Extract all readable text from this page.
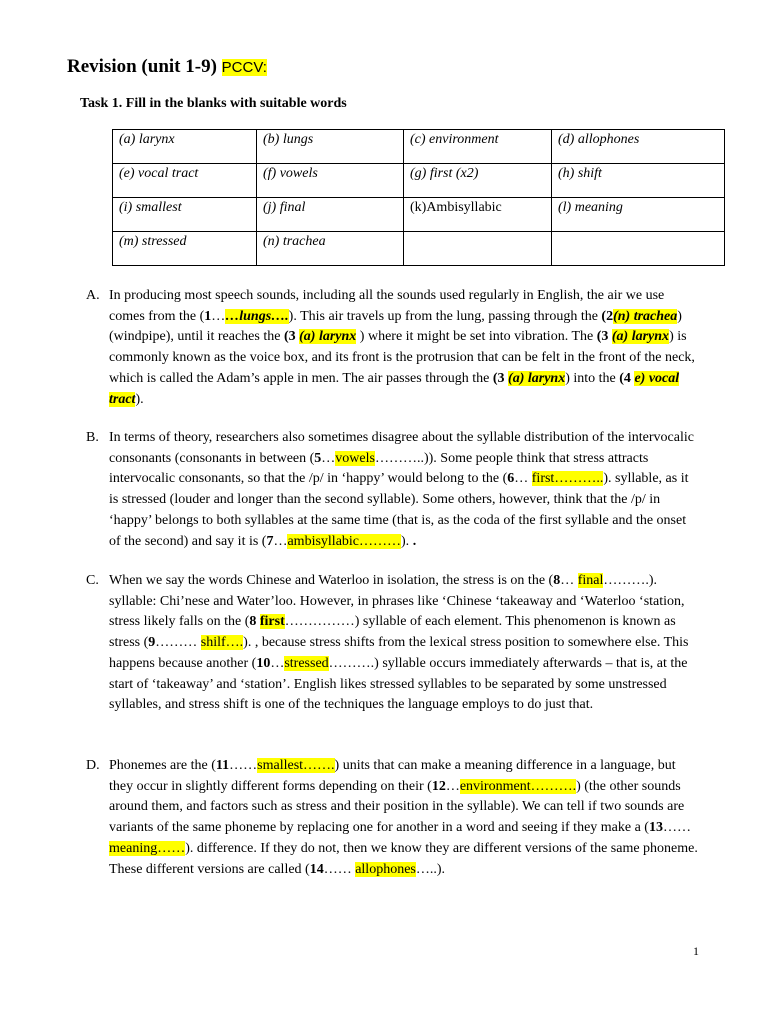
Revision (unit 1-9) PCCV:
Task 1. Fill in the blanks with suitable words
(a) larynx	(b) lungs	(c) environment	(d) allophones
(e) vocal tract	(f) vowels	(g) first (x2)	(h) shift
(i) smallest	(j) final	(k)Ambisyllabic	(l) meaning
(m) stressed	(n) trachea		
A. In producing most speech sounds, including all the sounds used regularly in English, the air we use comes from the (1……lungs….). This air travels up from the lung, passing through the (2(n) trachea) (windpipe), until it reaches the (3 (a) larynx ) where it might be set into vibration. The (3 (a) larynx) is commonly known as the voice box, and its front is the protrusion that can be felt in the front of the neck, which is called the Adam’s apple in men. The air passes through the (3 (a) larynx) into the (4 e) vocal tract).
B. In terms of theory, researchers also sometimes disagree about the syllable distribution of the intervocalic consonants (consonants in between (5…vowels………..)). Some people think that stress attracts intervocalic consonants, so that the /p/ in ‘happy’ would belong to the (6… first………..). syllable, as it is stressed (louder and longer than the second syllable). Some others, however, think that the /p/ in ‘happy’ belongs to both syllables at the same time (that is, as the coda of the first syllable and the onset of the second) and say it is (7…ambisyllabic………). .
C. When we say the words Chinese and Waterloo in isolation, the stress is on the (8… final……….). syllable: Chi’nese and Water’loo. However, in phrases like ‘Chinese ‘takeaway and ‘Waterloo ‘station, stress likely falls on the (8 first……………) syllable of each element. This phenomenon is known as stress (9……… shilf….). , because stress shifts from the lexical stress position to somewhere else. This happens because another (10…stressed……….) syllable occurs immediately afterwards – that is, at the start of ‘takeaway’ and ‘station’. English likes stressed syllables to be separated by some unstressed syllables, and stress shift is one of the techniques the language employs to do just that.
D. Phonemes are the (11……smallest…….) units that can make a meaning difference in a language, but they occur in slightly different forms depending on their (12…environment……….) (the other sounds around them, and factors such as stress and their position in the syllable). We can tell if two sounds are variants of the same phoneme by replacing one for another in a word and seeing if they make a (13…… meaning……). difference. If they do not, then we know they are different versions of the same phoneme. These different versions are called (14…… allophones…..).
1
